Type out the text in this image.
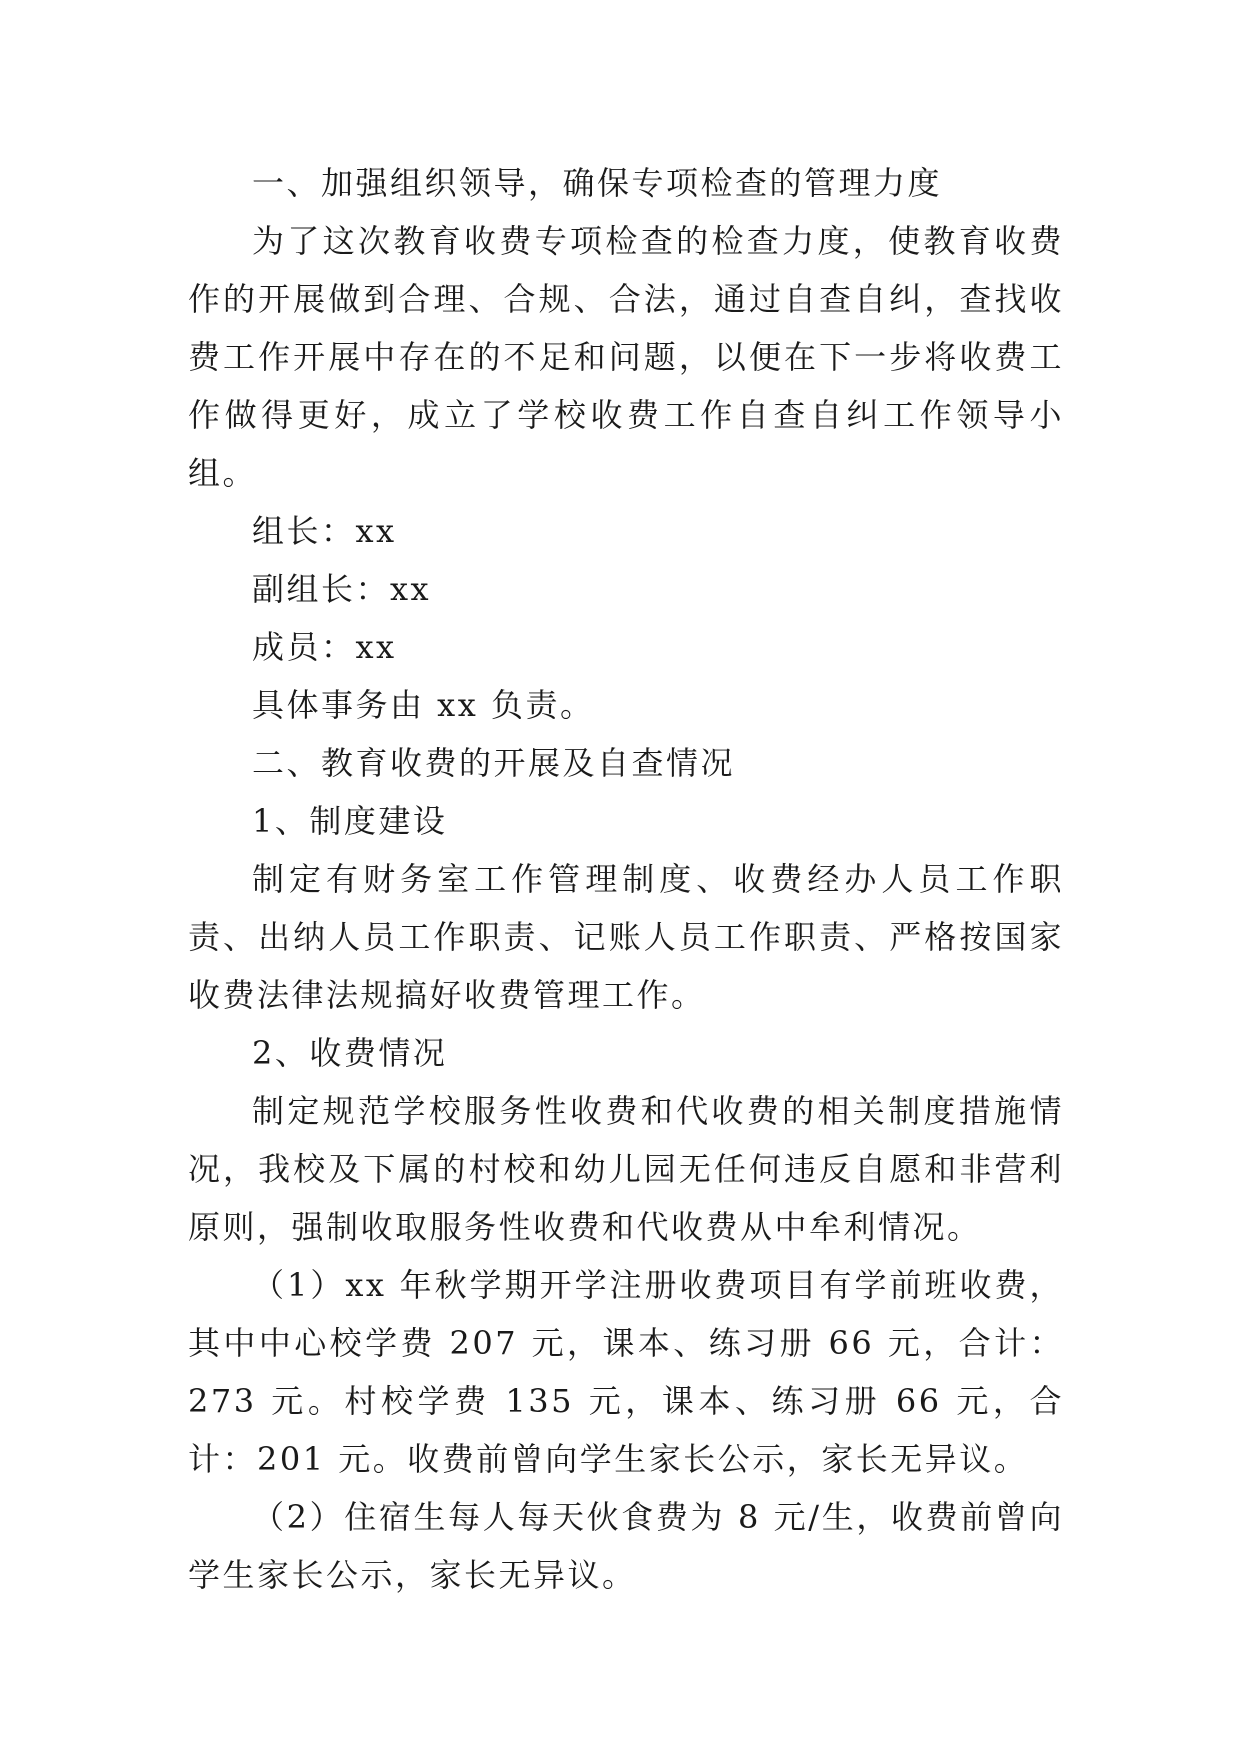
一、加强组织领导，确保专项检查的管理力度

为了这次教育收费专项检查的检查力度，使教育收费作的开展做到合理、合规、合法，通过自查自纠，查找收费工作开展中存在的不足和问题，以便在下一步将收费工作做得更好，成立了学校收费工作自查自纠工作领导小组。

组长：xx

副组长：xx

成员：xx

具体事务由 xx 负责。

二、教育收费的开展及自查情况

1、制度建设

制定有财务室工作管理制度、收费经办人员工作职责、出纳人员工作职责、记账人员工作职责、严格按国家收费法律法规搞好收费管理工作。

2、收费情况

制定规范学校服务性收费和代收费的相关制度措施情况，我校及下属的村校和幼儿园无任何违反自愿和非营利原则，强制收取服务性收费和代收费从中牟利情况。

（1）xx 年秋学期开学注册收费项目有学前班收费，其中中心校学费 207 元，课本、练习册 66 元，合计：273 元。村校学费 135 元，课本、练习册 66 元，合计：201 元。收费前曾向学生家长公示，家长无异议。

（2）住宿生每人每天伙食费为 8 元/生，收费前曾向学生家长公示，家长无异议。
